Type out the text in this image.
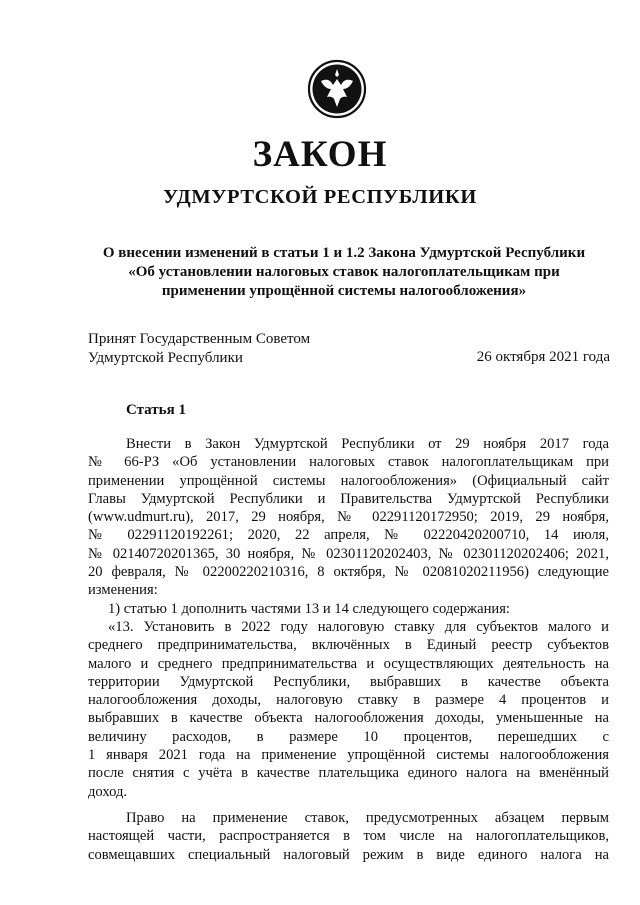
ЗАКОН
УДМУРТСКОЙ РЕСПУБЛИКИ
О внесении изменений в статьи 1 и 1.2 Закона Удмуртской Республики
«Об установлении налоговых ставок налогоплательщикам при
применении упрощённой системы налогообложения»
Принят Государственным Советом
Удмуртской Республики	26 октября 2021 года
Статья 1
Внести в Закон Удмуртской Республики от 29 ноября 2017 года
№ 66-РЗ «Об установлении налоговых ставок налогоплательщикам при
применении упрощённой системы налогообложения» (Официальный сайт
Главы Удмуртской Республики и Правительства Удмуртской Республики
(www.udmurt.ru), 2017, 29 ноября, № 02291120172950; 2019, 29 ноября,
№ 02291120192261; 2020, 22 апреля, № 02220420200710, 14 июля,
№ 02140720201365, 30 ноября, № 02301120202403, № 02301120202406; 2021,
20 февраля, № 02200220210316, 8 октября, № 02081020211956) следующие
изменения:
1) статью 1 дополнить частями 13 и 14 следующего содержания:
«13. Установить в 2022 году налоговую ставку для субъектов малого и
среднего предпринимательства, включённых в Единый реестр субъектов
малого и среднего предпринимательства и осуществляющих деятельность на
территории Удмуртской Республики, выбравших в качестве объекта
налогообложения доходы, налоговую ставку в размере 4 процентов и
выбравших в качестве объекта налогообложения доходы, уменьшенные на
величину расходов, в размере 10 процентов, перешедших с
1 января 2021 года на применение упрощённой системы налогообложения
после снятия с учёта в качестве плательщика единого налога на вменённый
доход.
Право на применение ставок, предусмотренных абзацем первым
настоящей части, распространяется в том числе на налогоплательщиков,
совмещавших специальный налоговый режим в виде единого налога на
